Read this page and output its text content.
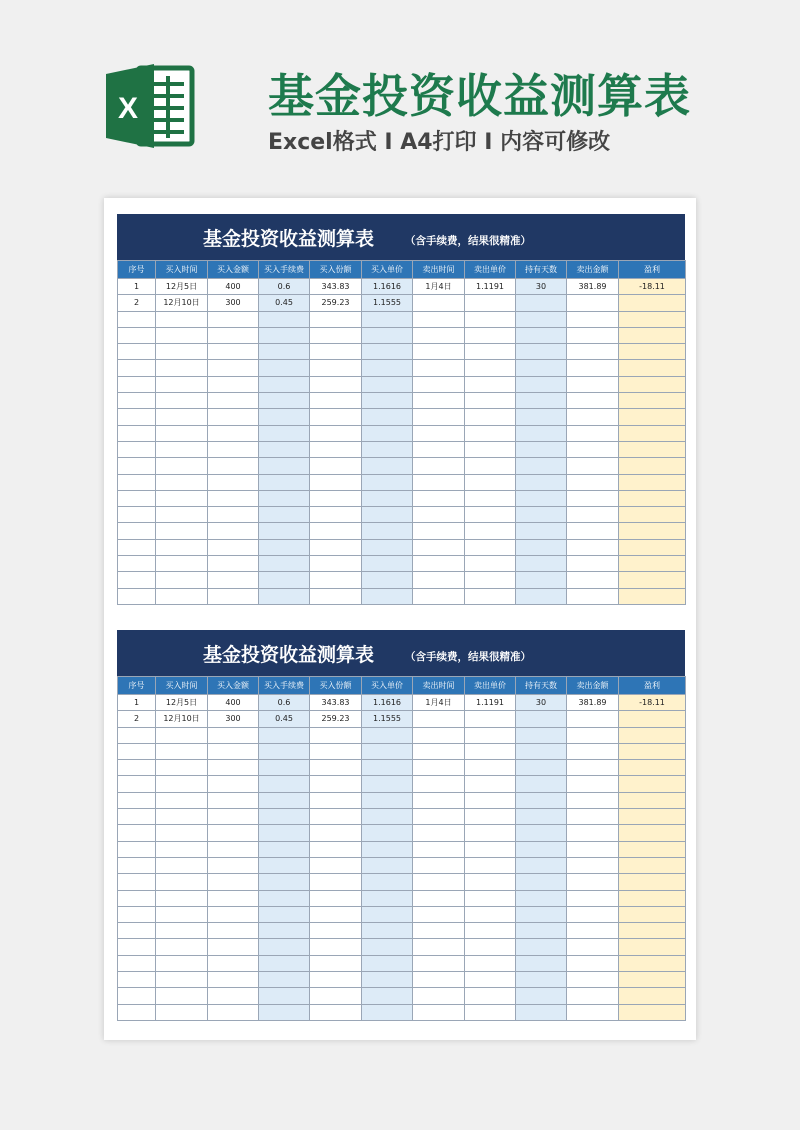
X	基金投资收益测算表
Excel格式 I A4打印 I 内容可修改
基金投资收益测算表	（含手续费，结果很精准）
序号	买入时间	买入金额	买入手续费	买入份额	买入单价	卖出时间	卖出单价	持有天数	卖出金额	盈利
1	12月5日	400	0.6	343.83	1.1616	1月4日	1.1191	30	381.89	-18.11
2	12月10日	300	0.45	259.23	1.1555					

基金投资收益测算表	（含手续费，结果很精准）
序号	买入时间	买入金额	买入手续费	买入份额	买入单价	卖出时间	卖出单价	持有天数	卖出金额	盈利
1	12月5日	400	0.6	343.83	1.1616	1月4日	1.1191	30	381.89	-18.11
2	12月10日	300	0.45	259.23	1.1555					
